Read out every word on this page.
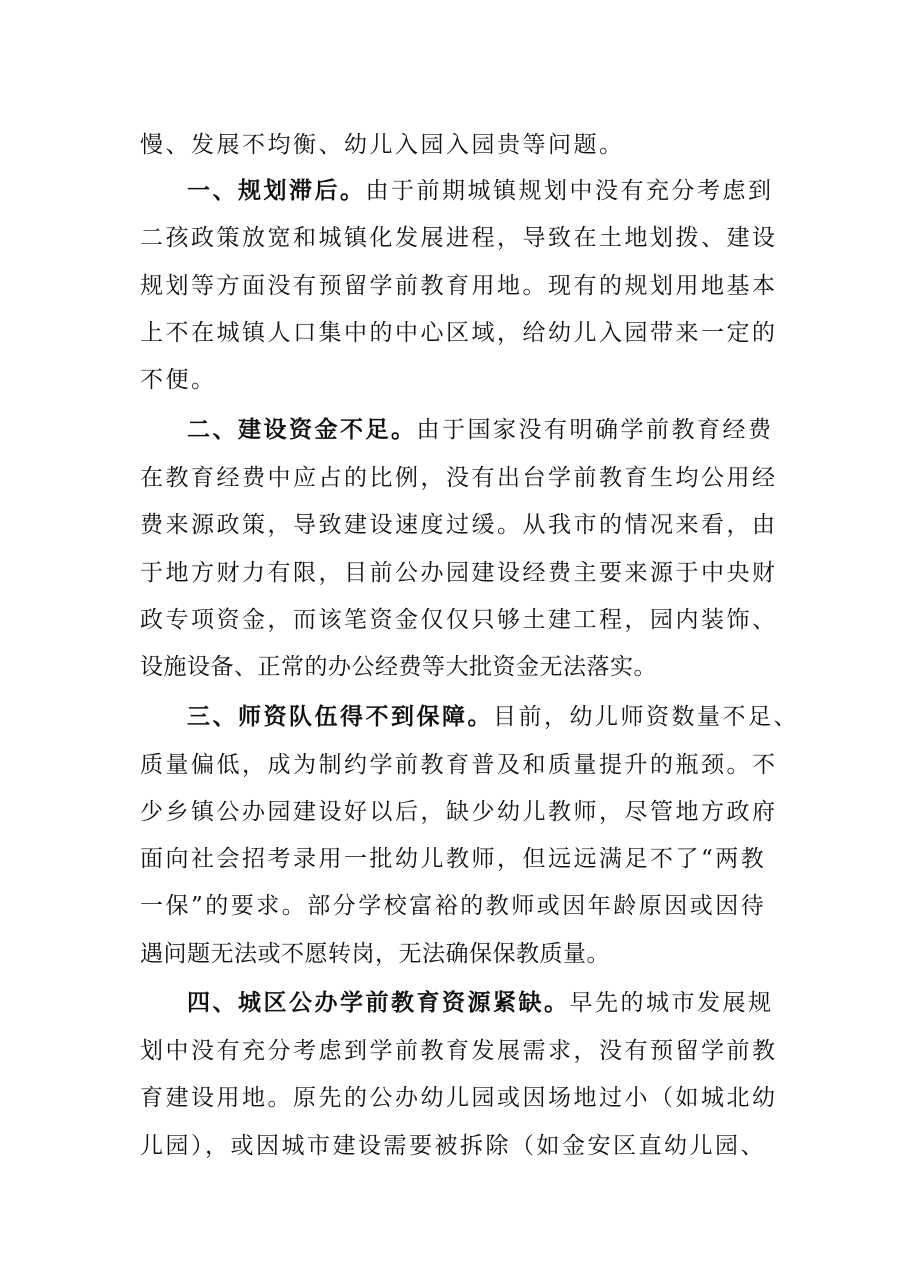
慢、发展不均衡、幼儿入园入园贵等问题。
一、规划滞后。由于前期城镇规划中没有充分考虑到
二孩政策放宽和城镇化发展进程，导致在土地划拨、建设
规划等方面没有预留学前教育用地。现有的规划用地基本
上不在城镇人口集中的中心区域，给幼儿入园带来一定的
不便。
二、建设资金不足。由于国家没有明确学前教育经费
在教育经费中应占的比例，没有出台学前教育生均公用经
费来源政策，导致建设速度过缓。从我市的情况来看，由
于地方财力有限，目前公办园建设经费主要来源于中央财
政专项资金，而该笔资金仅仅只够土建工程，园内装饰、
设施设备、正常的办公经费等大批资金无法落实。
三、师资队伍得不到保障。目前，幼儿师资数量不足、
质量偏低，成为制约学前教育普及和质量提升的瓶颈。不
少乡镇公办园建设好以后，缺少幼儿教师，尽管地方政府
面向社会招考录用一批幼儿教师，但远远满足不了“两教
一保”的要求。部分学校富裕的教师或因年龄原因或因待
遇问题无法或不愿转岗，无法确保保教质量。
四、城区公办学前教育资源紧缺。早先的城市发展规
划中没有充分考虑到学前教育发展需求，没有预留学前教
育建设用地。原先的公办幼儿园或因场地过小（如城北幼
儿园），或因城市建设需要被拆除（如金安区直幼儿园、
